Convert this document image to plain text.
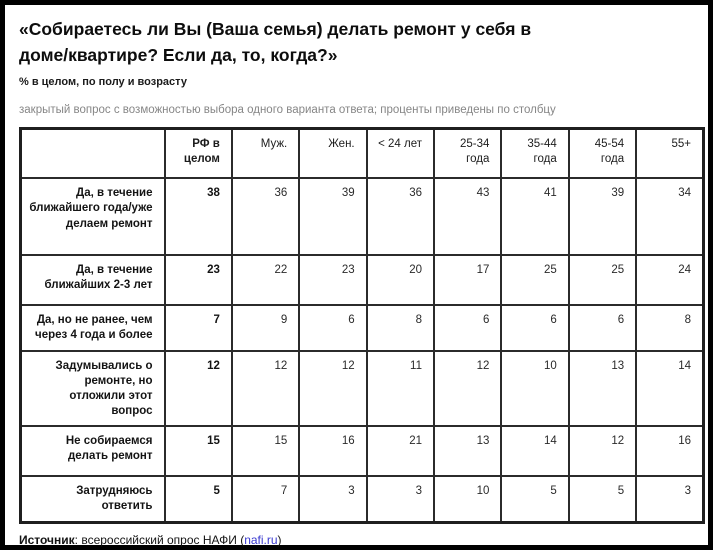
«Собираетесь ли Вы (Ваша семья) делать ремонт у себя в доме/квартире? Если да, то, когда?»
% в целом, по полу и возрасту
закрытый вопрос с возможностью выбора одного варианта ответа; проценты приведены по столбцу
	РФ в целом	Муж.	Жен.	< 24 лет	25-34 года	35-44 года	45-54 года	55+
Да, в течение ближайшего года/уже делаем ремонт	38	36	39	36	43	41	39	34
Да, в течение ближайших 2-3 лет	23	22	23	20	17	25	25	24
Да, но не ранее, чем через 4 года и более	7	9	6	8	6	6	6	8
Задумывались о ремонте, но отложили этот вопрос	12	12	12	11	12	10	13	14
Не собираемся делать ремонт	15	15	16	21	13	14	12	16
Затрудняюсь ответить	5	7	3	3	10	5	5	3
Источник: всероссийский опрос НАФИ (nafi.ru)
